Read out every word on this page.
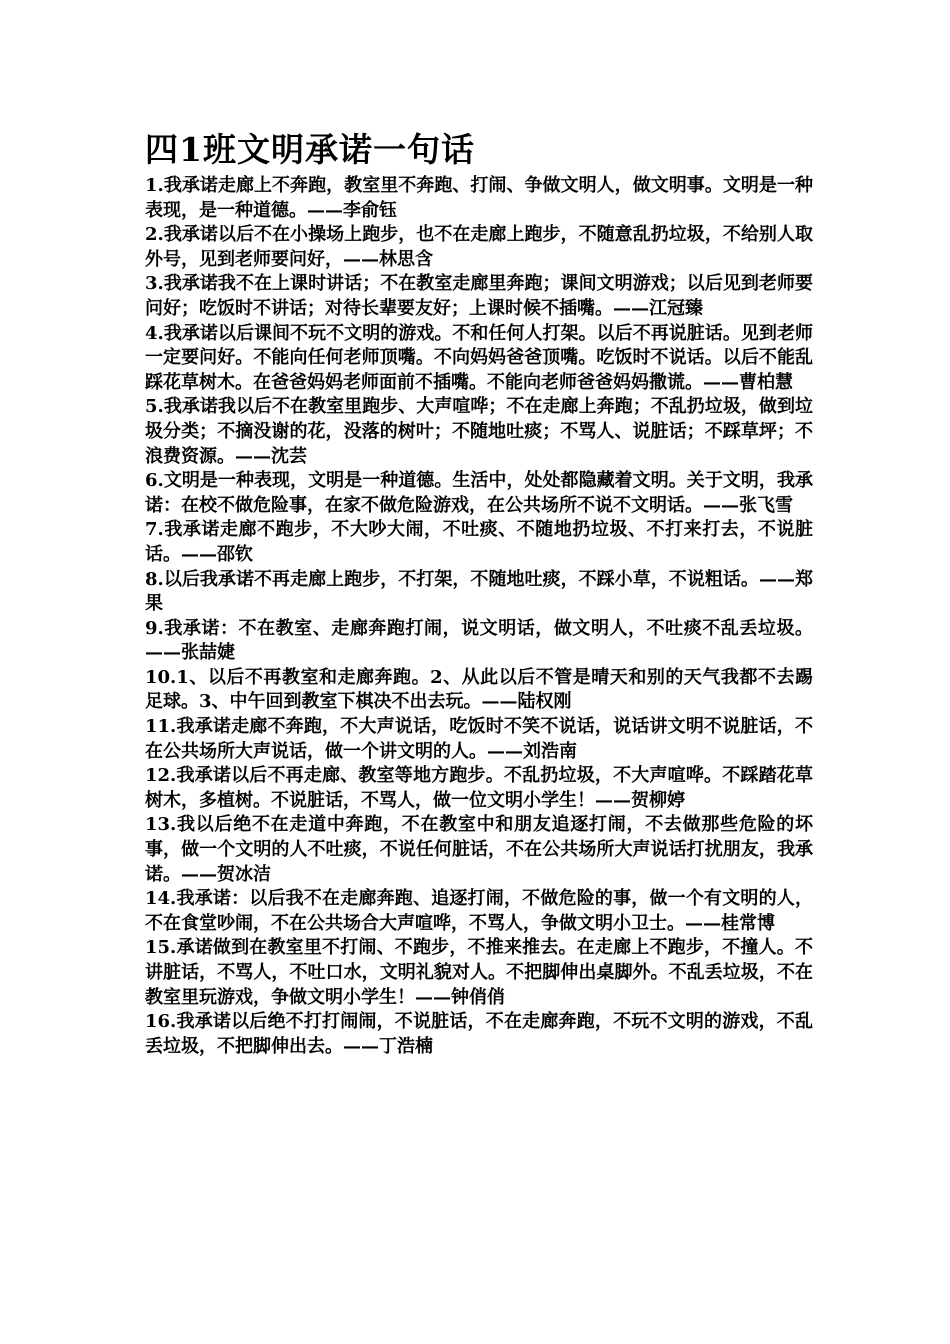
四1班文明承诺一句话

1.我承诺走廊上不奔跑，教室里不奔跑、打闹、争做文明人，做文明事。文明是一种表现，是一种道德。——李俞钰

2.我承诺以后不在小操场上跑步，也不在走廊上跑步，不随意乱扔垃圾，不给别人取外号，见到老师要问好，——林思含

3.我承诺我不在上课时讲话；不在教室走廊里奔跑；课间文明游戏；以后见到老师要问好；吃饭时不讲话；对待长辈要友好；上课时候不插嘴。——江冠臻

4.我承诺以后课间不玩不文明的游戏。不和任何人打架。以后不再说脏话。见到老师一定要问好。不能向任何老师顶嘴。不向妈妈爸爸顶嘴。吃饭时不说话。以后不能乱踩花草树木。在爸爸妈妈老师面前不插嘴。不能向老师爸爸妈妈撒谎。——曹柏慧

5.我承诺我以后不在教室里跑步、大声喧哗；不在走廊上奔跑；不乱扔垃圾，做到垃圾分类；不摘没谢的花，没落的树叶；不随地吐痰；不骂人、说脏话；不踩草坪；不浪费资源。——沈芸

6.文明是一种表现，文明是一种道德。生活中，处处都隐藏着文明。关于文明，我承诺：在校不做危险事，在家不做危险游戏，在公共场所不说不文明话。——张飞雪

7.我承诺走廊不跑步，不大吵大闹，不吐痰、不随地扔垃圾、不打来打去，不说脏话。——邵钦

8.以后我承诺不再走廊上跑步，不打架，不随地吐痰，不踩小草，不说粗话。——郑果

9.我承诺：不在教室、走廊奔跑打闹，说文明话，做文明人，不吐痰不乱丢垃圾。——张喆婕

10.1、以后不再教室和走廊奔跑。2、从此以后不管是晴天和别的天气我都不去踢足球。3、中午回到教室下棋决不出去玩。——陆权刚

11.我承诺走廊不奔跑，不大声说话，吃饭时不笑不说话，说话讲文明不说脏话，不在公共场所大声说话，做一个讲文明的人。——刘浩南

12.我承诺以后不再走廊、教室等地方跑步。不乱扔垃圾，不大声喧哗。不踩踏花草树木，多植树。不说脏话，不骂人，做一位文明小学生！——贺柳婷

13.我以后绝不在走道中奔跑，不在教室中和朋友追逐打闹，不去做那些危险的坏事，做一个文明的人不吐痰，不说任何脏话，不在公共场所大声说话打扰朋友，我承诺。——贺冰洁

14.我承诺：以后我不在走廊奔跑、追逐打闹，不做危险的事，做一个有文明的人，不在食堂吵闹，不在公共场合大声喧哗，不骂人，争做文明小卫士。——桂常博

15.承诺做到在教室里不打闹、不跑步，不推来推去。在走廊上不跑步，不撞人。不讲脏话，不骂人，不吐口水，文明礼貌对人。不把脚伸出桌脚外。不乱丢垃圾，不在教室里玩游戏，争做文明小学生！——钟俏俏

16.我承诺以后绝不打打闹闹，不说脏话，不在走廊奔跑，不玩不文明的游戏，不乱丢垃圾，不把脚伸出去。——丁浩楠
